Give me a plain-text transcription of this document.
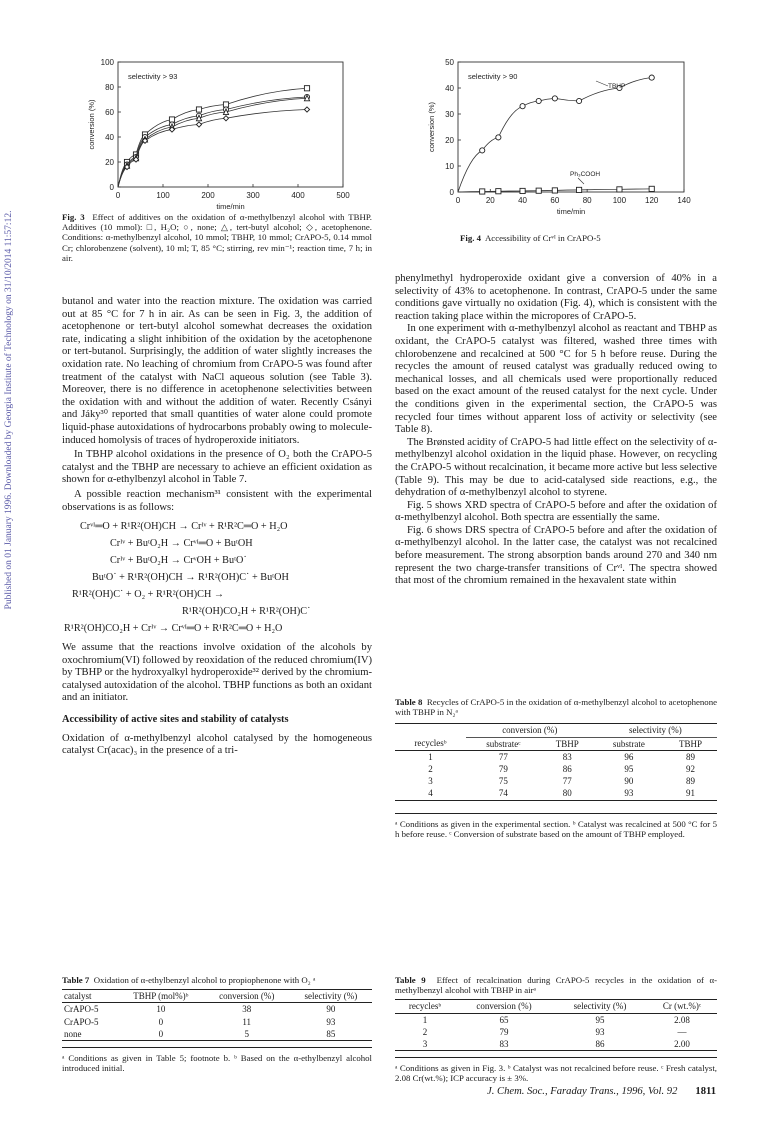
Published on 01 January 1996. Downloaded by Georgia Institute of Technology on 31/10/2014 11:57:12.
0	100	200	300	400	500
0
20
40
60
80
100
time/min
conversion (%)
selectivity > 93
Fig. 3 Effect of additives on the oxidation of α-methylbenzyl alcohol with TBHP. Additives (10 mmol): □, H₂O; ○, none; △, tert-butyl alcohol; ◇, acetophenone. Conditions: α-methylbenzyl alcohol, 10 mmol; TBHP, 10 mmol; CrAPO-5, 0.14 mmol Cr; chlorobenzene (solvent), 10 ml; T, 85 °C; stirring, rev min⁻¹; reaction time, 7 h; in air.
0	20	40	60	80	100 120 140
0
10
20
30
40
50
time/min
conversion (%)
selectivity > 90
TBHP
Ph₃COOH
Fig. 4 Accessibility of Crᵛᴵ in CrAPO-5

butanol and water into the reaction mixture. The oxidation was carried out at 85 °C for 7 h in air. As can be seen in Fig. 3, the addition of acetophenone or tert-butyl alcohol somewhat decreases the oxidation rate, indicating a slight inhibition of the oxidation by the acetophenone or tert-butanol. Surprisingly, the addition of water slightly increases the oxidation rate. No leaching of chromium from CrAPO-5 was found after treatment of the catalyst with NaCl aqueous solution (see Table 3). Moreover, there is no difference in acetophenone selectivities between the oxidation with and without the addition of water. Recently Csányi and Jáky³⁰ reported that small quantities of water alone could promote liquid-phase autoxidations of hydrocarbons probably owing to molecule-induced homolysis of traces of hydroperoxide initiators.

In TBHP alcohol oxidations in the presence of O₂ both the CrAPO-5 catalyst and the TBHP are necessary to achieve an efficient oxidation as shown for α-ethylbenzyl alcohol in Table 7.

A possible reaction mechanism³¹ consistent with the experimental observations is as follows:

Crᵛᴵ═O + R¹R²(OH)CH → Crᴵᵛ + R¹R²C═O + H₂O
Crᴵᵛ + BuᵗO₂H → Crᵛᴵ═O + BuᵗOH
Crᴵᵛ + BuᵗO₂H → CrᵛOH + BuᵗO˙
BuᵗO˙ + R¹R²(OH)CH → R¹R²(OH)C˙ + BuᵗOH
R¹R²(OH)C˙ + O₂ + R¹R²(OH)CH →
R¹R²(OH)CO₂H + R¹R²(OH)C˙
R¹R²(OH)CO₂H + Crᴵᵛ → Crᵛᴵ═O + R¹R²C═O + H₂O

We assume that the reactions involve oxidation of the alcohols by oxochromium(VI) followed by reoxidation of the reduced chromium(IV) by TBHP or the hydroxyalkyl hydroperoxide³² derived by the chromium-catalysed autoxidation of the alcohol. TBHP functions as both an oxidant and an initiator.

Accessibility of active sites and stability of catalysts

Oxidation of α-methylbenzyl alcohol catalysed by the homogeneous catalyst Cr(acac)₃ in the presence of a tri-

phenylmethyl hydroperoxide oxidant give a conversion of 40% in a selectivity of 43% to acetophenone. In contrast, CrAPO-5 under the same conditions gave virtually no oxidation (Fig. 4), which is consistent with the reaction taking place within the micropores of CrAPO-5.

In one experiment with α-methylbenzyl alcohol as reactant and TBHP as oxidant, the CrAPO-5 catalyst was filtered, washed three times with chlorobenzene and recalcined at 500 °C for 5 h before reuse. During the recycles the amount of reused catalyst was gradually reduced owing to mechanical losses, and all chemicals used were proportionally reduced based on the exact amount of the reused catalyst for the next cycle. Under the conditions given in the experimental section, the CrAPO-5 was recycled four times without apparent loss of activity or selectivity (see Table 8).

The Brønsted acidity of CrAPO-5 had little effect on the selectivity of α-methylbenzyl alcohol oxidation in the liquid phase. However, on recycling the CrAPO-5 without recalcination, it became more active but less selective (Table 9). This may be due to acid-catalysed side reactions, e.g., the dehydration of α-methylbenzyl alcohol to styrene.

Fig. 5 shows XRD spectra of CrAPO-5 before and after the oxidation of α-methylbenzyl alcohol. Both spectra are essentially the same.

Fig. 6 shows DRS spectra of CrAPO-5 before and after the oxidation of α-methylbenzyl alcohol. In the latter case, the catalyst was not recalcined before measurement. The strong absorption bands around 270 and 340 nm represent the two charge-transfer transitions of Crᵛᴵ. The spectra showed that most of the chromium remained in the hexavalent state within

Table 8 Recycles of CrAPO-5 in the oxidation of α-methylbenzyl alcohol to acetophenone with TBHP in N₂ᵃ
	conversion (%)		selectivity (%)	
recyclesᵇ	substrateᶜ	TBHP	substrate	TBHP
1	77	83	96	89
2	79	86	95	92
3	75	77	90	89
4	74	80	93	91
ᵃ Conditions as given in the experimental section. ᵇ Catalyst was recalcined at 500 °C for 5 h before reuse. ᶜ Conversion of substrate based on the amount of TBHP employed.
Table 9 Effect of recalcination during CrAPO-5 recycles in the oxidation of α-methylbenzyl alcohol with TBHP in airᵃ
recyclesᵇ	conversion (%)	selectivity (%)	Cr (wt.%)ᶜ
1	65	95	2.08
2	79	93	—
3	83	86	2.00
ᵃ Conditions as given in Fig. 3. ᵇ Catalyst was not recalcined before reuse. ᶜ Fresh catalyst, 2.08 Cr(wt.%); ICP accuracy is ± 3%.
Table 7 Oxidation of α-ethylbenzyl alcohol to propiophenone with O₂ ᵃ
catalyst	TBHP (mol%)ᵇ	conversion (%)	selectivity (%)
CrAPO-5	10	38	90
CrAPO-5	0	11	93
none	0	5	85
ᵃ Conditions as given in Table 5; footnote b. ᵇ Based on the α-ethylbenzyl alcohol introduced initial.
J. Chem. Soc., Faraday Trans., 1996, Vol. 92 1811
